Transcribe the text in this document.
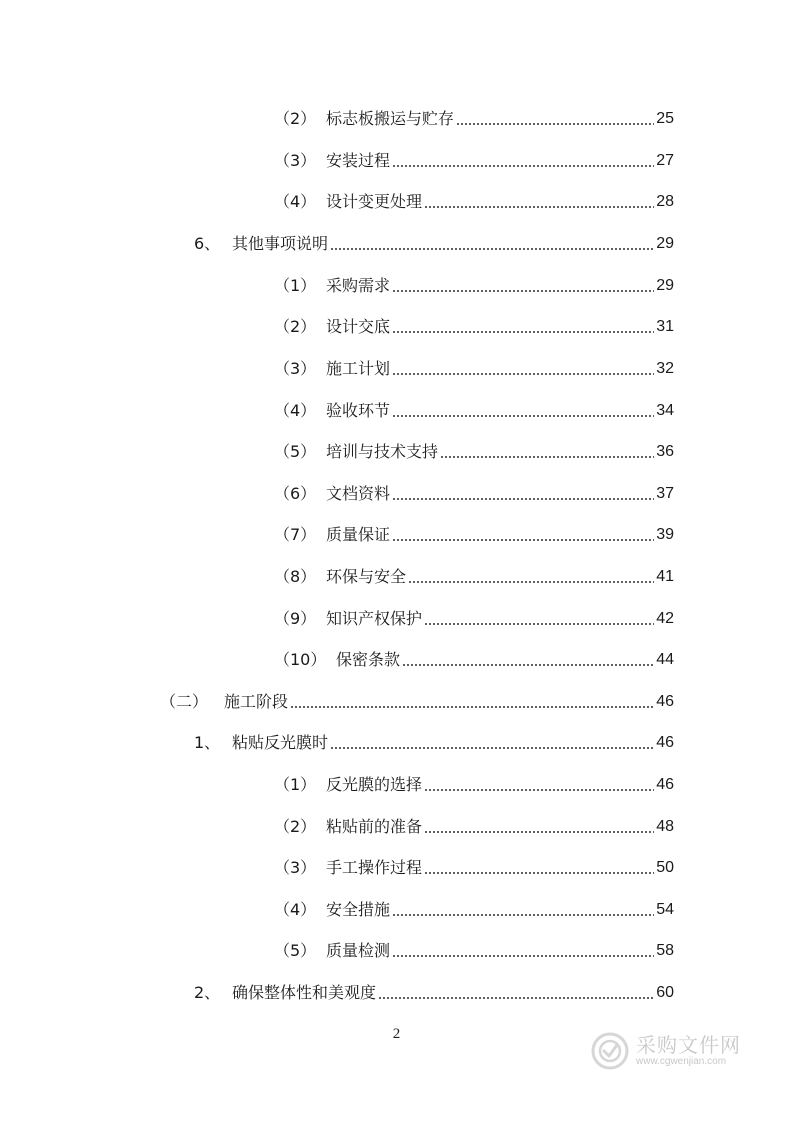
（2） 标志板搬运与贮存	25
（3） 安装过程	27
（4） 设计变更处理	28
6、 其他事项说明	29
（1） 采购需求	29
（2） 设计交底	31
（3） 施工计划	32
（4） 验收环节	34
（5） 培训与技术支持	36
（6） 文档资料	37
（7） 质量保证	39
（8） 环保与安全	41
（9） 知识产权保护	42
（10） 保密条款	44
（二） 施工阶段	46
1、 粘贴反光膜时	46
（1） 反光膜的选择	46
（2） 粘贴前的准备	48
（3） 手工操作过程	50
（4） 安全措施	54
（5） 质量检测	58
2、 确保整体性和美观度	60
2	采购文件网
www.cgwenjian.com
